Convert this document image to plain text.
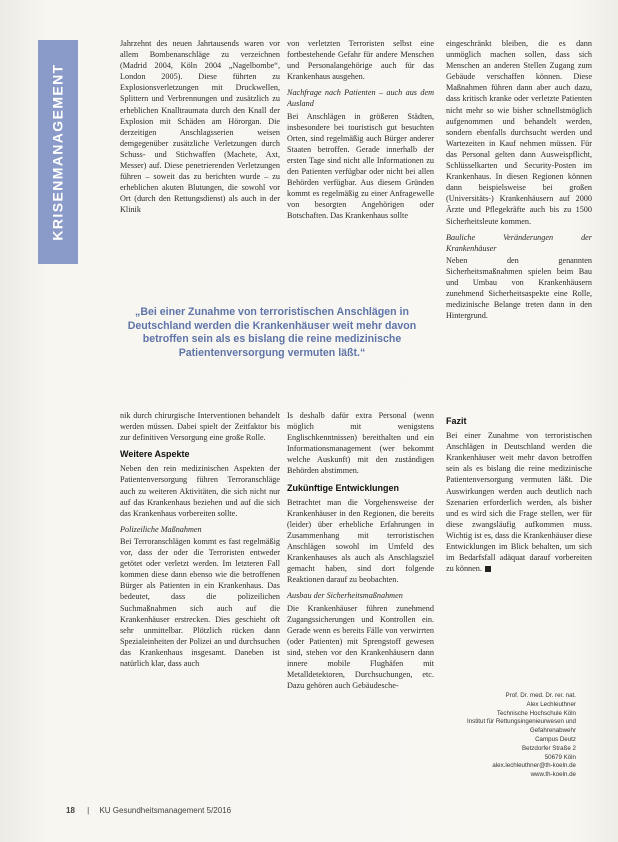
KRISENMANAGEMENT

Jahrzehnt des neuen Jahrtausends waren vor allem Bombenanschläge zu verzeichnen (Madrid 2004, Köln 2004 „Nagelbombe“, London 2005). Diese führten zu Explosionsverletzungen mit Druckwellen, Splittern und Verbrennungen und zusätzlich zu erheblichen Knalltraumata durch den Knall der Explosion mit Schäden am Hörorgan. Die derzeitigen Anschlagsserien weisen demgegenüber zusätzliche Verletzungen durch Schuss- und Stichwaffen (Machete, Axt, Messer) auf. Diese penetrierenden Verletzungen führen – soweit das zu berichten wurde – zu erheblichen akuten Blutungen, die sowohl vor Ort (durch den Rettungsdienst) als auch in der Klinik

von verletzten Terroristen selbst eine fortbestehende Gefahr für andere Menschen und Personalangehörige auch für das Krankenhaus ausgehen.

Nachfrage nach Patienten – auch aus dem Ausland

Bei Anschlägen in größeren Städten, insbesondere bei touristisch gut besuchten Orten, sind regelmäßig auch Bürger anderer Staaten betroffen. Gerade innerhalb der ersten Tage sind nicht alle Informationen zu den Patienten verfügbar oder nicht bei allen Behörden verfügbar. Aus diesem Gründen kommt es regelmäßig zu einer Anfragewelle von besorgten Angehörigen oder Botschaften. Das Krankenhaus sollte

eingeschränkt bleiben, die es dann unmöglich machen sollen, dass sich Menschen an anderen Stellen Zugang zum Gebäude verschaffen können. Diese Maßnahmen führen dann aber auch dazu, dass kritisch kranke oder verletzte Patienten nicht mehr so wie bisher schnellstmöglich aufgenommen und behandelt werden, sondern ebenfalls durchsucht werden und Wartezeiten in Kauf nehmen müssen. Für das Personal gelten dann Ausweispflicht, Schlüsselkarten und Security-Posten im Krankenhaus. In diesen Regionen können dann beispielsweise bei großen (Universitäts-) Krankenhäusern auf 2000 Ärzte und Pflegekräfte auch bis zu 1500 Sicherheitsleute kommen.

Bauliche Veränderungen der Krankenhäuser

Neben den genannten Sicherheitsmaßnahmen spielen beim Bau und Umbau von Krankenhäusern zunehmend Sicherheitsaspekte eine Rolle, medizinische Belange treten dann in den Hintergrund.

„Bei einer Zunahme von terroristischen Anschlägen in Deutschland werden die Krankenhäuser weit mehr davon betroffen sein als es bislang die reine medizinische Patientenversorgung vermuten läßt.“

nik durch chirurgische Interventionen behandelt werden müssen. Dabei spielt der Zeitfaktor bis zur definitiven Versorgung eine große Rolle.

Weitere Aspekte

Neben den rein medizinischen Aspekten der Patientenversorgung führen Terroranschläge auch zu weiteren Aktivitäten, die sich nicht nur auf das Krankenhaus beziehen und auf die sich das Krankenhaus vorbereiten sollte.

Polizeiliche Maßnahmen

Bei Terroranschlägen kommt es fast regelmäßig vor, dass der oder die Terroristen entweder getötet oder verletzt werden. Im letzteren Fall kommen diese dann ebenso wie die betroffenen Bürger als Patienten in ein Krankenhaus. Das bedeutet, dass die polizeilichen Suchmaßnahmen sich auch auf die Krankenhäuser erstrecken. Dies geschieht oft sehr unmittelbar. Plötzlich rücken dann Spezialeinheiten der Polizei an und durchsuchen das Krankenhaus insgesamt. Daneben ist natürlich klar, dass auch

Is deshalb dafür extra Personal (wenn möglich mit wenigstens Englischkenntnissen) bereithalten und ein Informationsmanagement (wer bekommt welche Auskunft) mit den zuständigen Behörden abstimmen.

Zukünftige Entwicklungen

Betrachtet man die Vorgehensweise der Krankenhäuser in den Regionen, die bereits (leider) über erhebliche Erfahrungen in Zusammenhang mit terroristischen Anschlägen sowohl im Umfeld des Krankenhauses als auch als Anschlagsziel gemacht haben, sind dort folgende Reaktionen darauf zu beobachten.

Ausbau der Sicherheitsmaßnahmen

Die Krankenhäuser führen zunehmend Zugangssicherungen und Kontrollen ein. Gerade wenn es bereits Fälle von verwirrten (oder Patienten) mit Sprengstoff gewesen sind, stehen vor den Krankenhäusern dann innere mobile Flughäfen mit Metalldetektoren, Durchsuchungen, etc. Dazu gehören auch Gebäudesche-

Fazit

Bei einer Zunahme von terroristischen Anschlägen in Deutschland werden die Krankenhäuser weit mehr davon betroffen sein als es bislang die reine medizinische Patientenversorgung vermuten läßt. Die Auswirkungen werden auch deutlich nach Szenarien erforderlich werden, als bisher und es wird sich die Frage stellen, wer für diese zwangsläufig aufkommen muss. Wichtig ist es, dass die Krankenhäuser diese Entwicklungen im Blick behalten, um sich im Bedarfsfall adäquat darauf vorbereiten zu können.

Prof. Dr. med. Dr. rer. nat.
Alex Lechleuthner
Technische Hochschule Köln
Institut für Rettungsingenieurwesen und
Gefahrenabwehr
Campus Deutz
Betzdorfer Straße 2
50679 Köln
alex.lechleuthner@th-koeln.de
www.th-koeln.de
18 | KU Gesundheitsmanagement 5/2016
